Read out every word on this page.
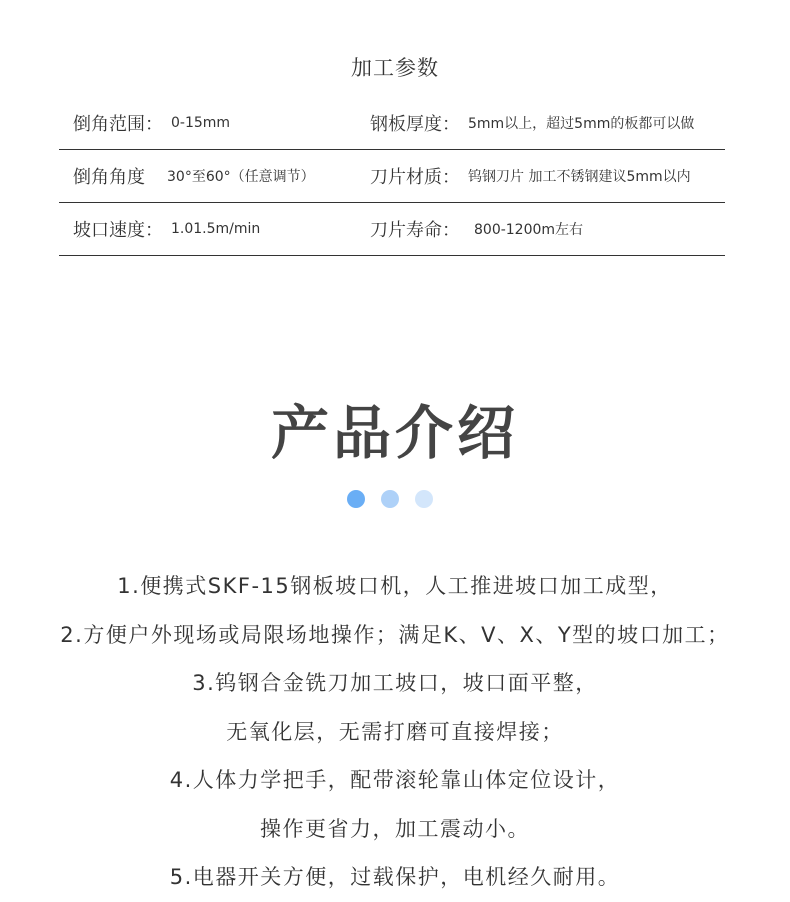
加工参数
倒角范围： 0-15mm	钢板厚度： 5mm以上，超过5mm的板都可以做
倒角角度 30°至60°（任意调节）	刀片材质： 钨钢刀片 加工不锈钢建议5mm以内
坡口速度： 1.01.5m/min	刀片寿命： 800-1200m左右
产品介绍
1.便携式SKF-15钢板坡口机，人工推进坡口加工成型，
2.方便户外现场或局限场地操作；满足K、V、X、Y型的坡口加工；
3.钨钢合金铣刀加工坡口，坡口面平整，
无氧化层，无需打磨可直接焊接；
4.人体力学把手，配带滚轮靠山体定位设计，
操作更省力，加工震动小。
5.电器开关方便，过载保护，电机经久耐用。
